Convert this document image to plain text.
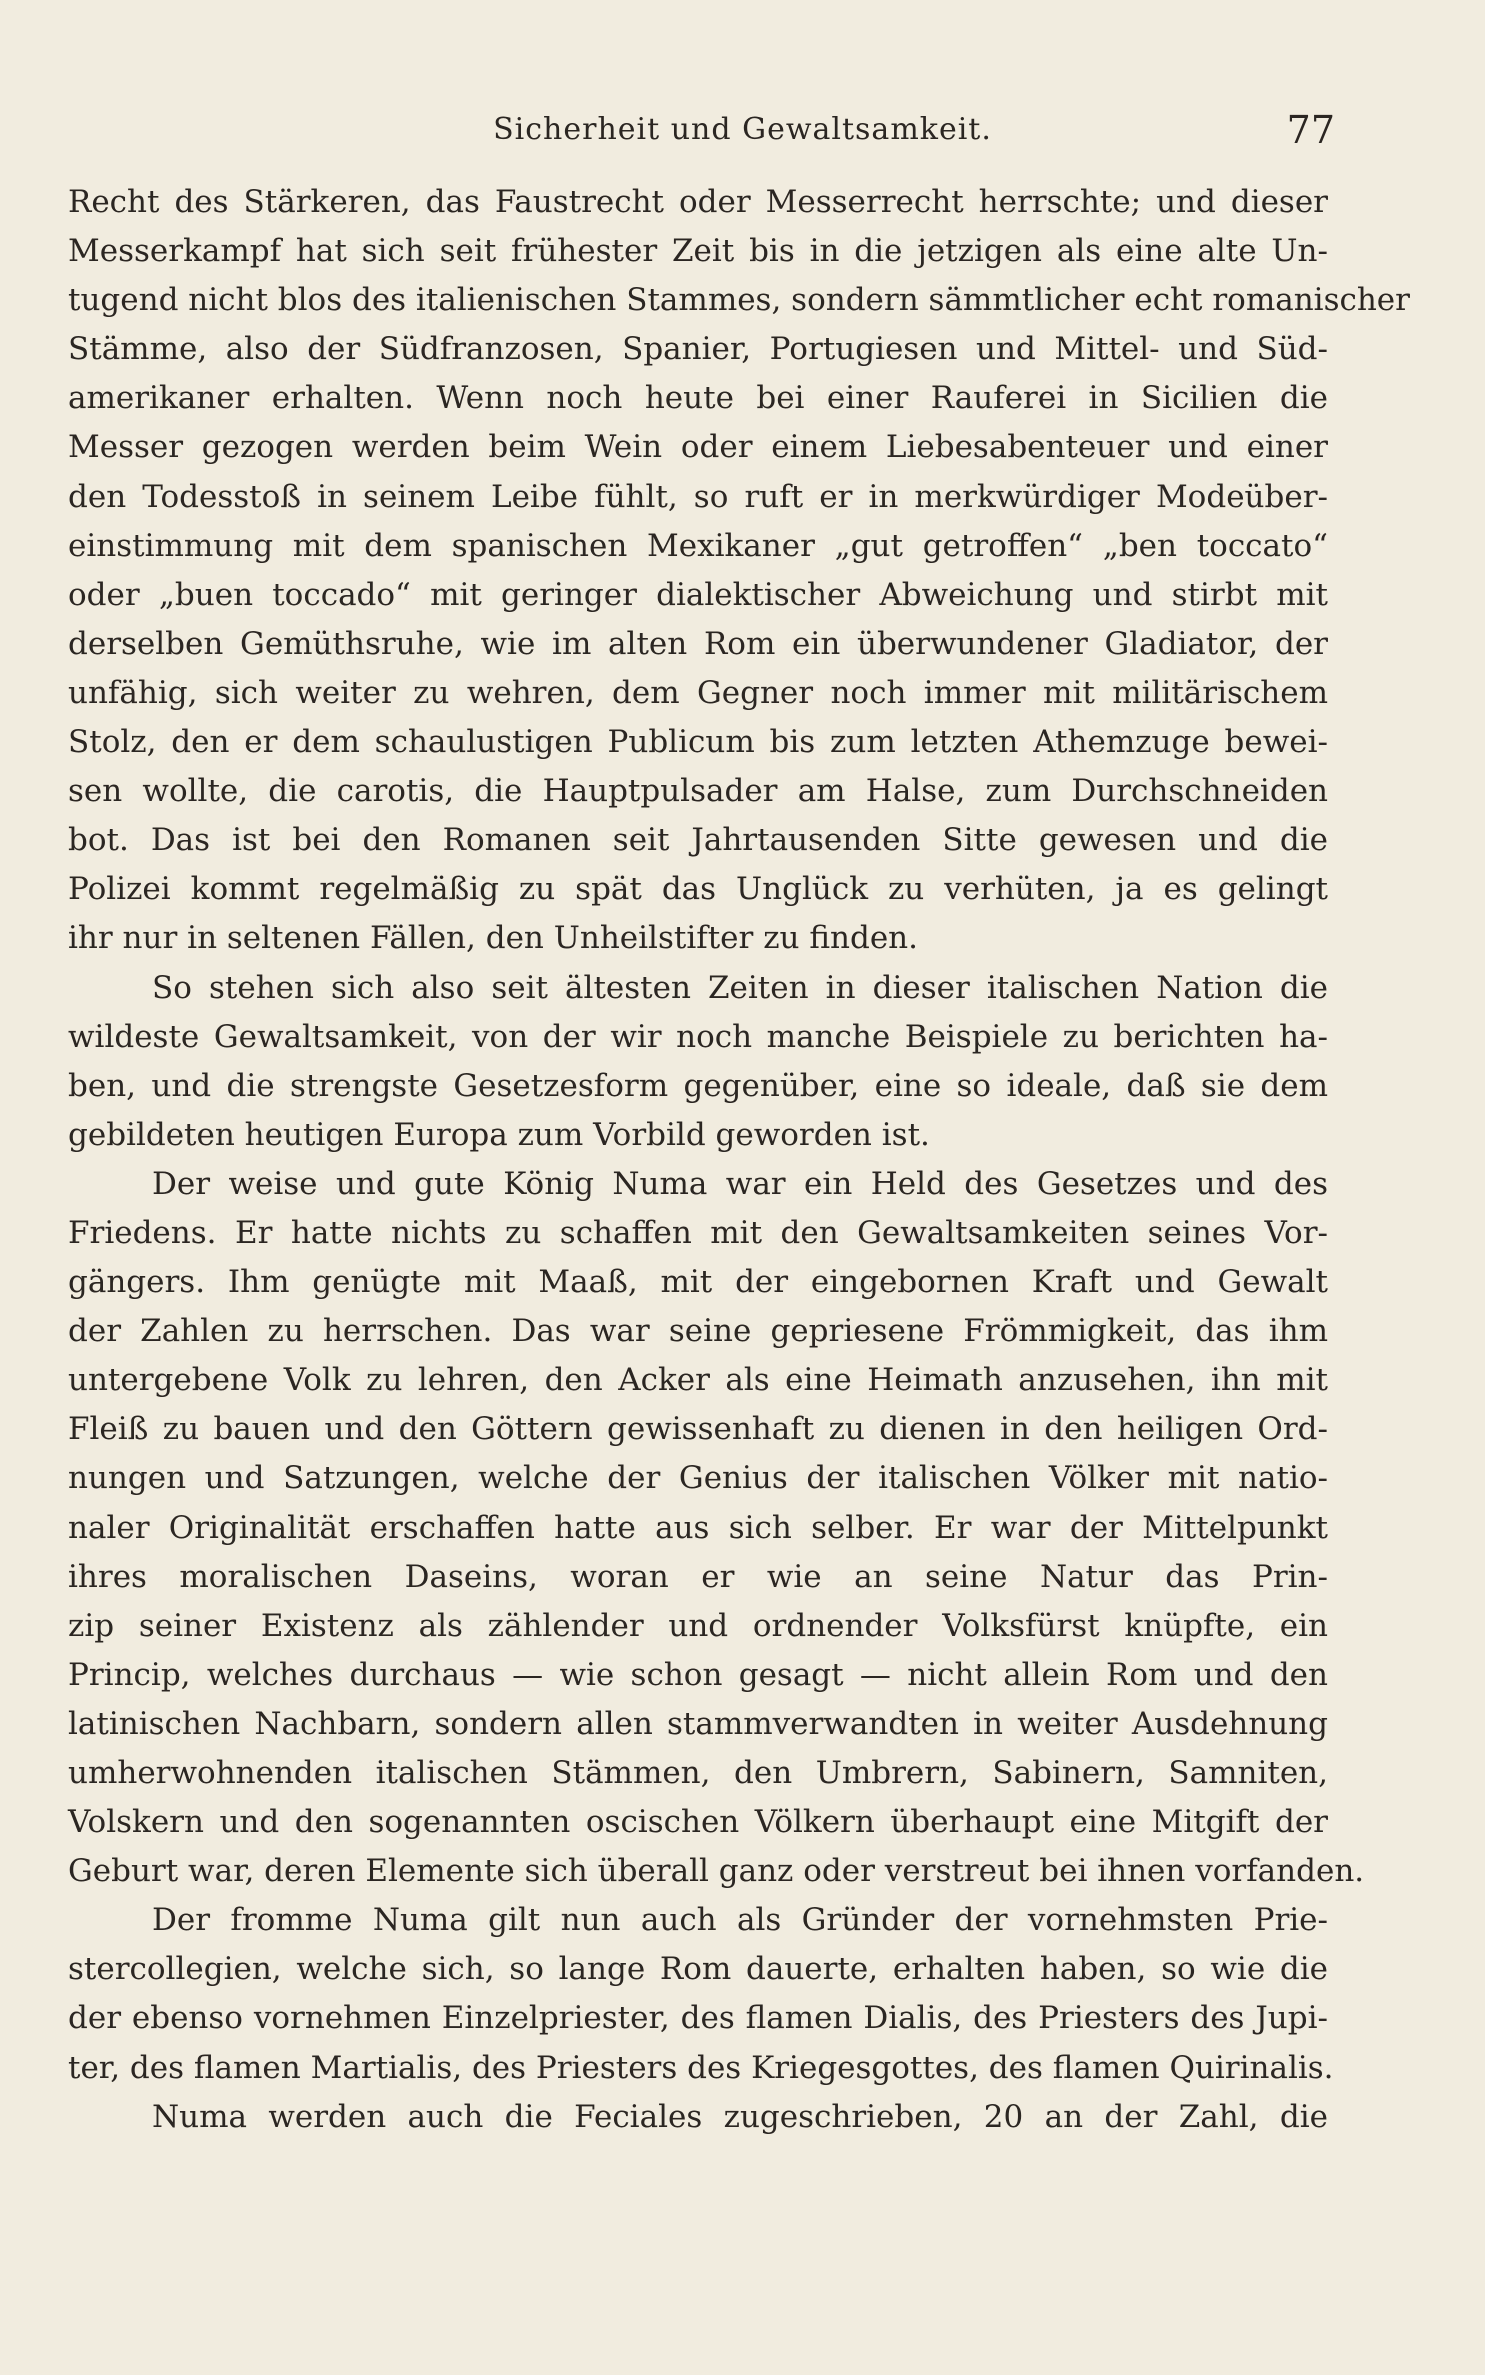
Sicherheit und Gewaltsamkeit.	77
Recht des Stärkeren, das Faustrecht oder Messerrecht herrschte; und dieser
Messerkampf hat sich seit frühester Zeit bis in die jetzigen als eine alte Un-
tugend nicht blos des italienischen Stammes, sondern sämmtlicher echt romanischer
Stämme, also der Südfranzosen, Spanier, Portugiesen und Mittel- und Süd-
amerikaner erhalten. Wenn noch heute bei einer Rauferei in Sicilien die
Messer gezogen werden beim Wein oder einem Liebesabenteuer und einer
den Todesstoß in seinem Leibe fühlt, so ruft er in merkwürdiger Modeüber-
einstimmung mit dem spanischen Mexikaner „gut getroffen“ „ben toccato“
oder „buen toccado“ mit geringer dialektischer Abweichung und stirbt mit
derselben Gemüthsruhe, wie im alten Rom ein überwundener Gladiator, der
unfähig, sich weiter zu wehren, dem Gegner noch immer mit militärischem
Stolz, den er dem schaulustigen Publicum bis zum letzten Athemzuge bewei-
sen wollte, die carotis, die Hauptpulsader am Halse, zum Durchschneiden
bot. Das ist bei den Romanen seit Jahrtausenden Sitte gewesen und die
Polizei kommt regelmäßig zu spät das Unglück zu verhüten, ja es gelingt
ihr nur in seltenen Fällen, den Unheilstifter zu finden.
So stehen sich also seit ältesten Zeiten in dieser italischen Nation die
wildeste Gewaltsamkeit, von der wir noch manche Beispiele zu berichten ha-
ben, und die strengste Gesetzesform gegenüber, eine so ideale, daß sie dem
gebildeten heutigen Europa zum Vorbild geworden ist.
Der weise und gute König Numa war ein Held des Gesetzes und des
Friedens. Er hatte nichts zu schaffen mit den Gewaltsamkeiten seines Vor-
gängers. Ihm genügte mit Maaß, mit der eingebornen Kraft und Gewalt
der Zahlen zu herrschen. Das war seine gepriesene Frömmigkeit, das ihm
untergebene Volk zu lehren, den Acker als eine Heimath anzusehen, ihn mit
Fleiß zu bauen und den Göttern gewissenhaft zu dienen in den heiligen Ord-
nungen und Satzungen, welche der Genius der italischen Völker mit natio-
naler Originalität erschaffen hatte aus sich selber. Er war der Mittelpunkt
ihres moralischen Daseins, woran er wie an seine Natur das Prin-
zip seiner Existenz als zählender und ordnender Volksfürst knüpfte, ein
Princip, welches durchaus — wie schon gesagt — nicht allein Rom und den
latinischen Nachbarn, sondern allen stammverwandten in weiter Ausdehnung
umherwohnenden italischen Stämmen, den Umbrern, Sabinern, Samniten,
Volskern und den sogenannten oscischen Völkern überhaupt eine Mitgift der
Geburt war, deren Elemente sich überall ganz oder verstreut bei ihnen vorfanden.
Der fromme Numa gilt nun auch als Gründer der vornehmsten Prie-
stercollegien, welche sich, so lange Rom dauerte, erhalten haben, so wie die
der ebenso vornehmen Einzelpriester, des flamen Dialis, des Priesters des Jupi-
ter, des flamen Martialis, des Priesters des Kriegesgottes, des flamen Quirinalis.
Numa werden auch die Feciales zugeschrieben, 20 an der Zahl, die
